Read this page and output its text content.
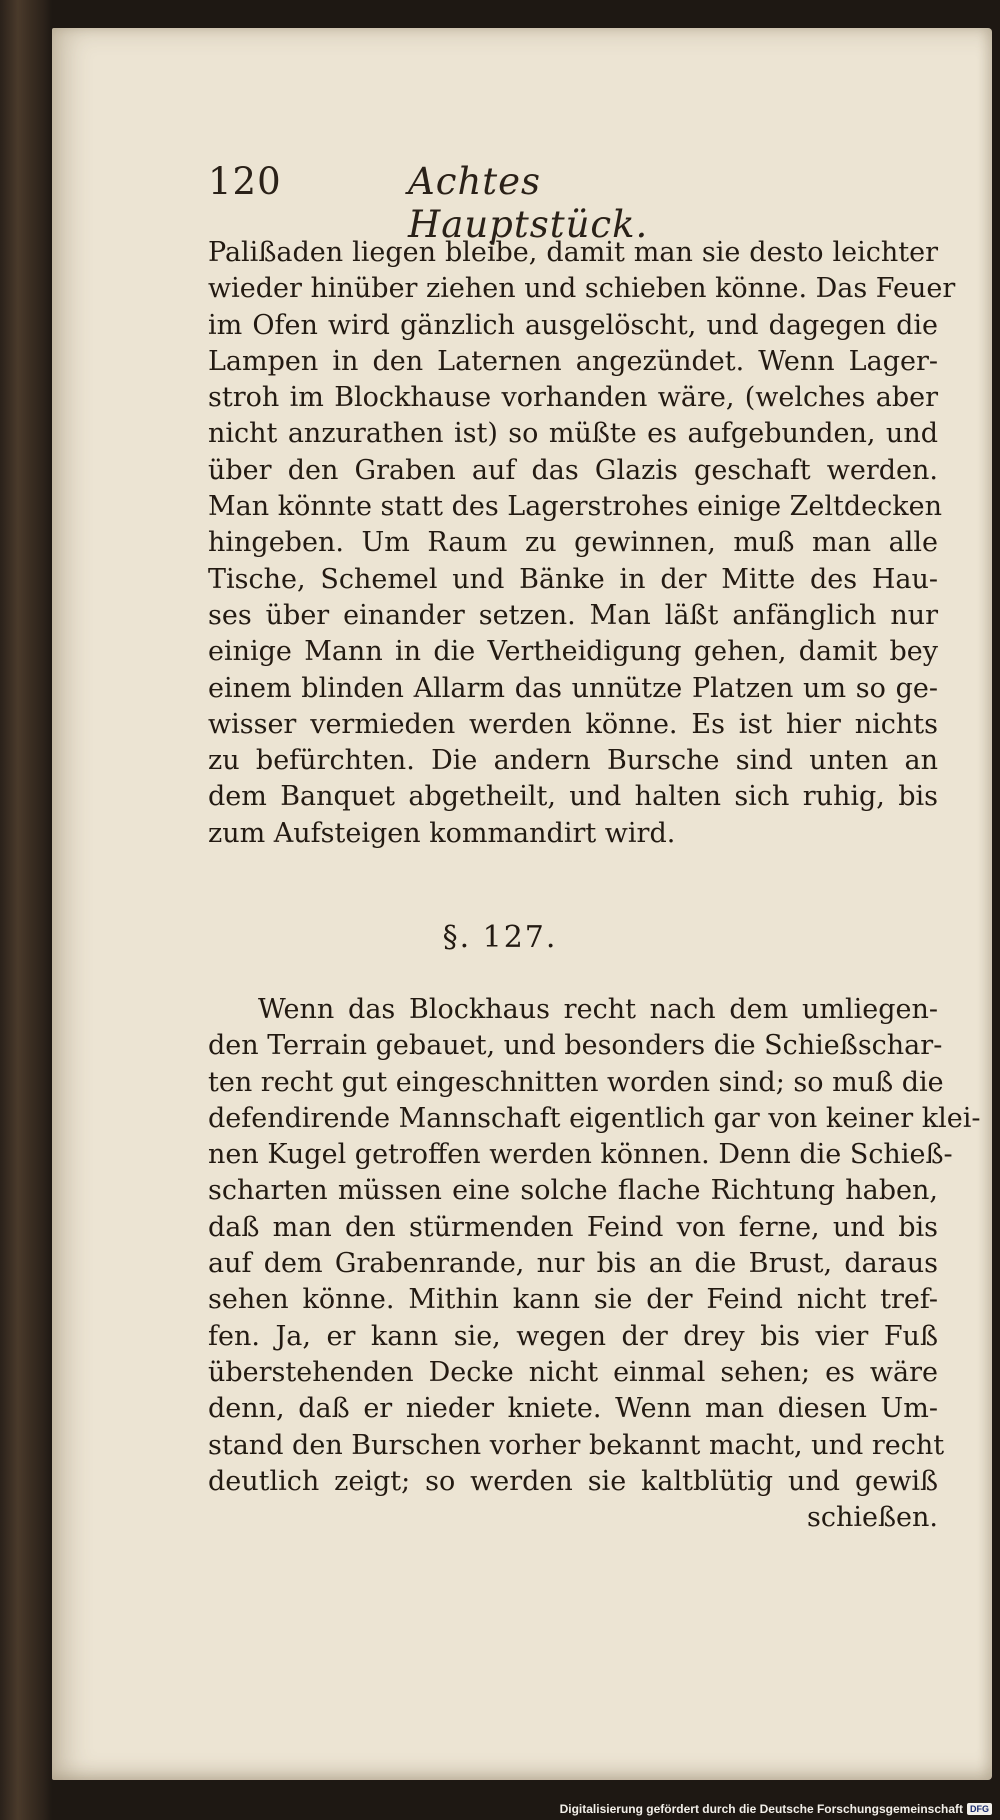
120	Achtes Hauptstück.
Palißaden liegen bleibe, damit man sie desto leichter
wieder hinüber ziehen und schieben könne. Das Feuer
im Ofen wird gänzlich ausgelöscht, und dagegen die
Lampen in den Laternen angezündet. Wenn Lager-
stroh im Blockhause vorhanden wäre, (welches aber
nicht anzurathen ist) so müßte es aufgebunden, und
über den Graben auf das Glazis geschaft werden.
Man könnte statt des Lagerstrohes einige Zeltdecken
hingeben. Um Raum zu gewinnen, muß man alle
Tische, Schemel und Bänke in der Mitte des Hau-
ses über einander setzen. Man läßt anfänglich nur
einige Mann in die Vertheidigung gehen, damit bey
einem blinden Allarm das unnütze Platzen um so ge-
wisser vermieden werden könne. Es ist hier nichts
zu befürchten. Die andern Bursche sind unten an
dem Banquet abgetheilt, und halten sich ruhig, bis
zum Aufsteigen kommandirt wird.
§. 127.
Wenn das Blockhaus recht nach dem umliegen-
den Terrain gebauet, und besonders die Schießschar-
ten recht gut eingeschnitten worden sind; so muß die
defendirende Mannschaft eigentlich gar von keiner klei-
nen Kugel getroffen werden können. Denn die Schieß-
scharten müssen eine solche flache Richtung haben,
daß man den stürmenden Feind von ferne, und bis
auf dem Grabenrande, nur bis an die Brust, daraus
sehen könne. Mithin kann sie der Feind nicht tref-
fen. Ja, er kann sie, wegen der drey bis vier Fuß
überstehenden Decke nicht einmal sehen; es wäre
denn, daß er nieder kniete. Wenn man diesen Um-
stand den Burschen vorher bekannt macht, und recht
deutlich zeigt; so werden sie kaltblütig und gewiß
schießen.
Digitalisierung gefördert durch die Deutsche Forschungsgemeinschaft DFG
